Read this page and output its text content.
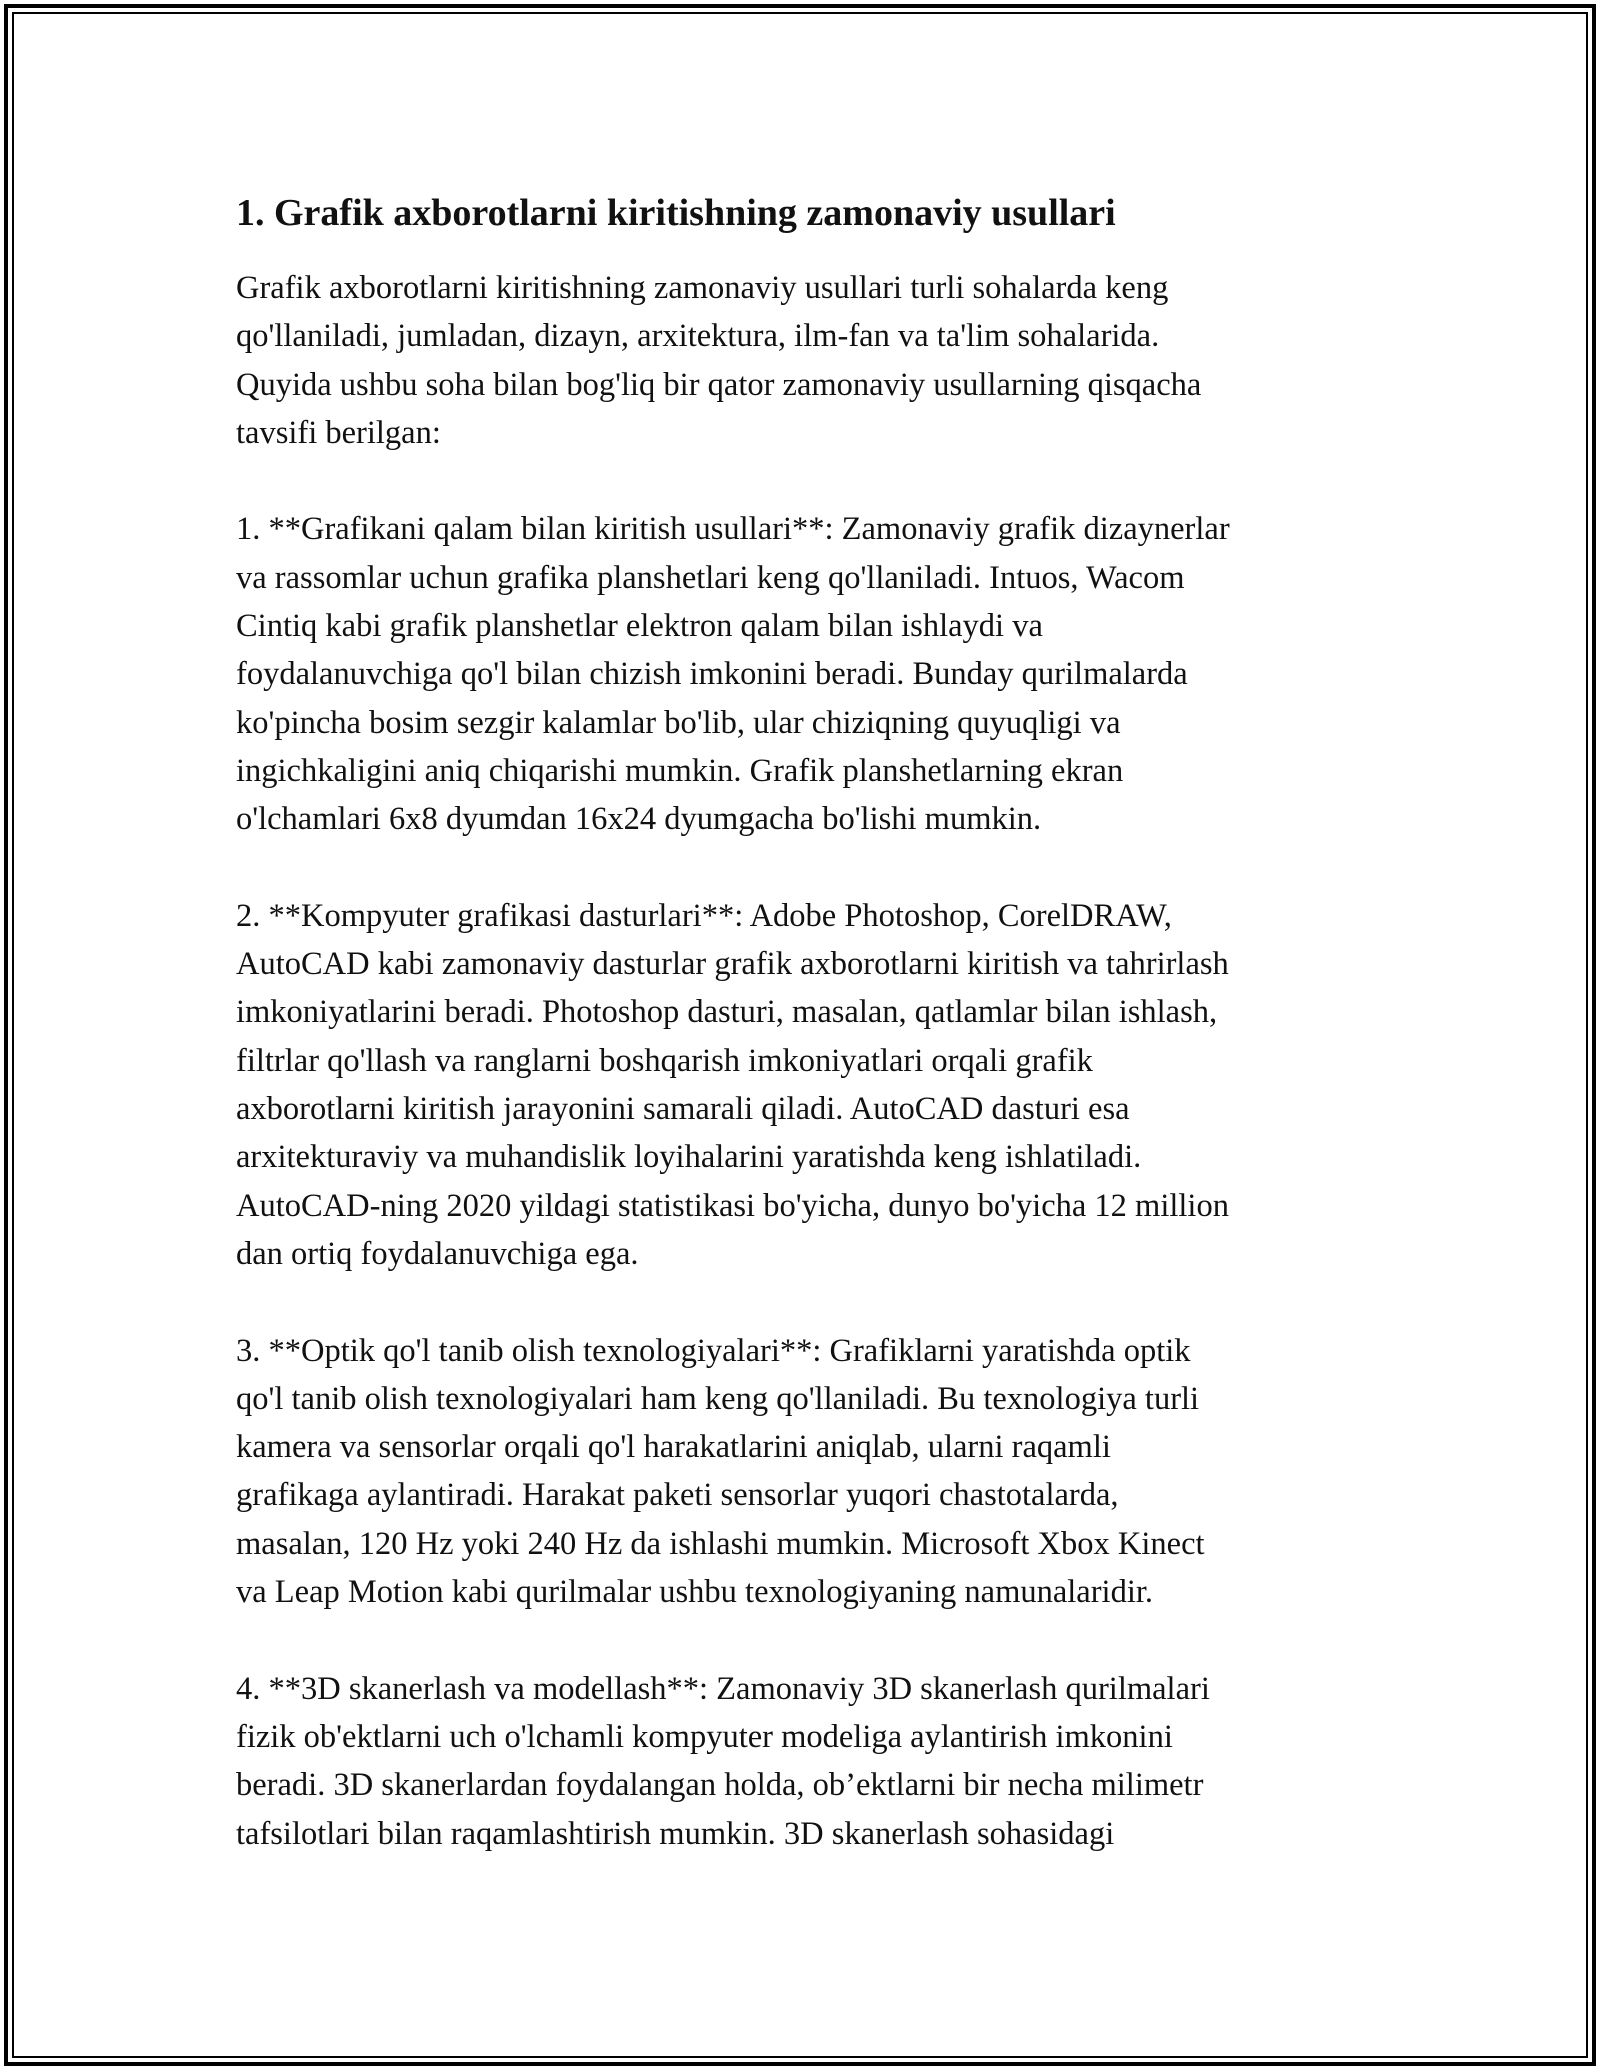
1. Grafik axborotlarni kiritishning zamonaviy usullari

Grafik axborotlarni kiritishning zamonaviy usullari turli sohalarda keng
qo'llaniladi, jumladan, dizayn, arxitektura, ilm-fan va ta'lim sohalarida.
Quyida ushbu soha bilan bog'liq bir qator zamonaviy usullarning qisqacha
tavsifi berilgan:

1. **Grafikani qalam bilan kiritish usullari**: Zamonaviy grafik dizaynerlar
va rassomlar uchun grafika planshetlari keng qo'llaniladi. Intuos, Wacom
Cintiq kabi grafik planshetlar elektron qalam bilan ishlaydi va
foydalanuvchiga qo'l bilan chizish imkonini beradi. Bunday qurilmalarda
ko'pincha bosim sezgir kalamlar bo'lib, ular chiziqning quyuqligi va
ingichkaligini aniq chiqarishi mumkin. Grafik planshetlarning ekran
o'lchamlari 6x8 dyumdan 16x24 dyumgacha bo'lishi mumkin.

2. **Kompyuter grafikasi dasturlari**: Adobe Photoshop, CorelDRAW,
AutoCAD kabi zamonaviy dasturlar grafik axborotlarni kiritish va tahrirlash
imkoniyatlarini beradi. Photoshop dasturi, masalan, qatlamlar bilan ishlash,
filtrlar qo'llash va ranglarni boshqarish imkoniyatlari orqali grafik
axborotlarni kiritish jarayonini samarali qiladi. AutoCAD dasturi esa
arxitekturaviy va muhandislik loyihalarini yaratishda keng ishlatiladi.
AutoCAD-ning 2020 yildagi statistikasi bo'yicha, dunyo bo'yicha 12 million
dan ortiq foydalanuvchiga ega.

3. **Optik qo'l tanib olish texnologiyalari**: Grafiklarni yaratishda optik
qo'l tanib olish texnologiyalari ham keng qo'llaniladi. Bu texnologiya turli
kamera va sensorlar orqali qo'l harakatlarini aniqlab, ularni raqamli
grafikaga aylantiradi. Harakat paketi sensorlar yuqori chastotalarda,
masalan, 120 Hz yoki 240 Hz da ishlashi mumkin. Microsoft Xbox Kinect
va Leap Motion kabi qurilmalar ushbu texnologiyaning namunalaridir.

4. **3D skanerlash va modellash**: Zamonaviy 3D skanerlash qurilmalari
fizik ob'ektlarni uch o'lchamli kompyuter modeliga aylantirish imkonini
beradi. 3D skanerlardan foydalangan holda, ob’ektlarni bir necha milimetr
tafsilotlari bilan raqamlashtirish mumkin. 3D skanerlash sohasidagi
